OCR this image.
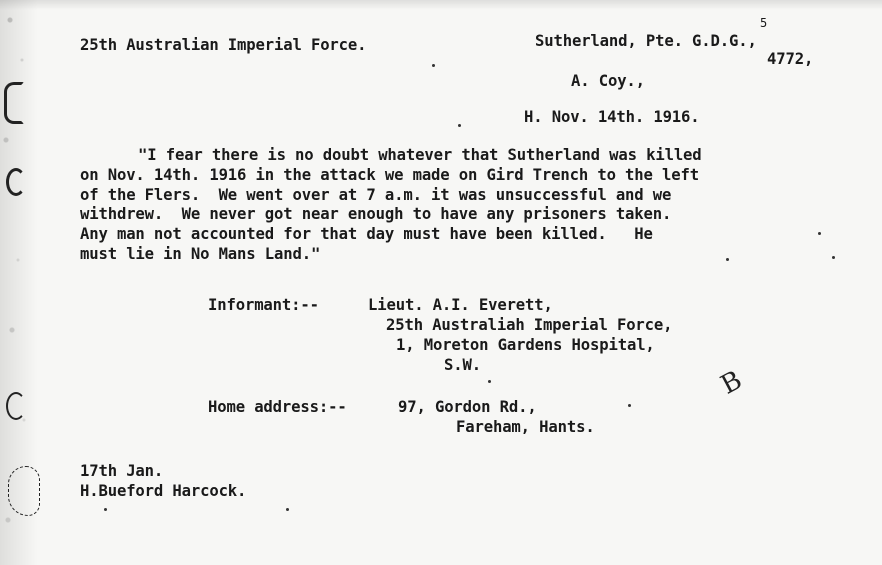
25th Australian Imperial Force.
5
Sutherland, Pte. G.D.G.,
4772,
A. Coy.,
H. Nov. 14th. 1916.
"I fear there is no doubt whatever that Sutherland was killed
on Nov. 14th. 1916 in the attack we made on Gird Trench to the left
of the Flers.  We went over at 7 a.m. it was unsuccessful and we
withdrew.  We never got near enough to have any prisoners taken.
Any man not accounted for that day must have been killed.   He
must lie in No Mans Land."
Informant:--	Lieut. A.I. Everett,
25th Australiah Imperial Force,
1, Moreton Gardens Hospital,
S.W.
B
Home address:--	97, Gordon Rd.,
Fareham, Hants.
17th Jan.
H.Bueford Harcock.
